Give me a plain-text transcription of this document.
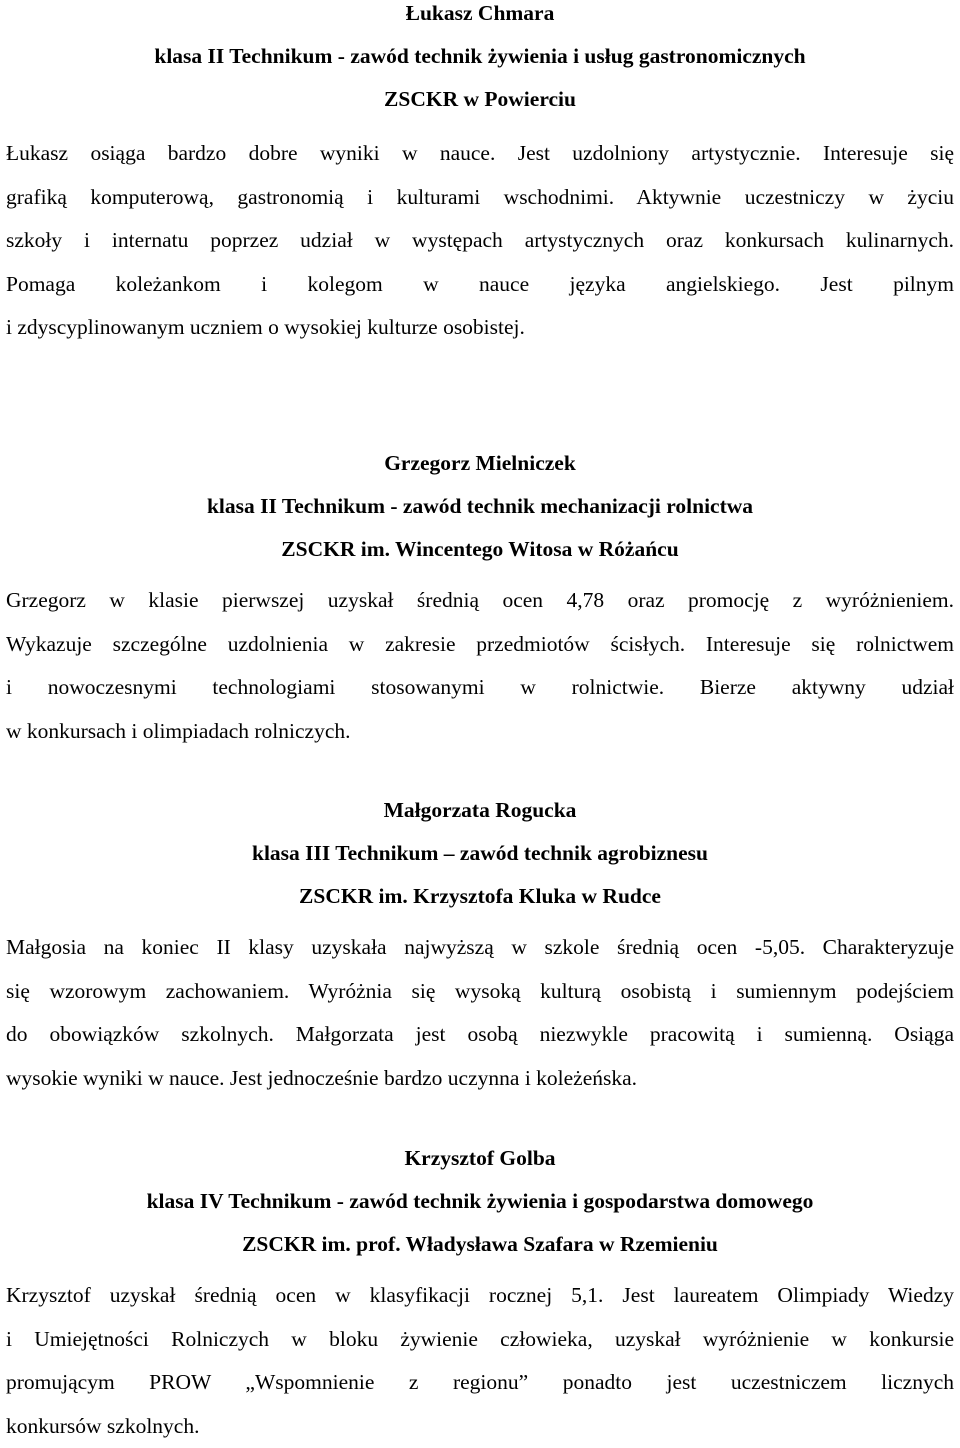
Łukasz Chmara
klasa II Technikum - zawód technik żywienia i usług gastronomicznych
ZSCKR w Powierciu
Łukasz osiąga bardzo dobre wyniki w nauce. Jest uzdolniony artystycznie. Interesuje się
grafiką komputerową, gastronomią i kulturami wschodnimi. Aktywnie uczestniczy w życiu
szkoły i internatu poprzez udział w występach artystycznych oraz konkursach kulinarnych.
Pomaga koleżankom i kolegom w nauce języka angielskiego. Jest pilnym
i zdyscyplinowanym uczniem o wysokiej kulturze osobistej.
Grzegorz Mielniczek
klasa II Technikum - zawód technik mechanizacji rolnictwa
ZSCKR im. Wincentego Witosa w Różańcu
Grzegorz w klasie pierwszej uzyskał średnią ocen 4,78 oraz promocję z wyróżnieniem.
Wykazuje szczególne uzdolnienia w zakresie przedmiotów ścisłych. Interesuje się rolnictwem
i nowoczesnymi technologiami stosowanymi w rolnictwie. Bierze aktywny udział
w konkursach i olimpiadach rolniczych.
Małgorzata Rogucka
klasa III Technikum – zawód technik agrobiznesu
ZSCKR im. Krzysztofa Kluka w Rudce
Małgosia na koniec II klasy uzyskała najwyższą w szkole średnią ocen -5,05. Charakteryzuje
się wzorowym zachowaniem. Wyróżnia się wysoką kulturą osobistą i sumiennym podejściem
do obowiązków szkolnych. Małgorzata jest osobą niezwykle pracowitą i sumienną. Osiąga
wysokie wyniki w nauce. Jest jednocześnie bardzo uczynna i koleżeńska.
Krzysztof Golba
klasa IV Technikum - zawód technik żywienia i gospodarstwa domowego
ZSCKR im. prof. Władysława Szafara w Rzemieniu
Krzysztof uzyskał średnią ocen w klasyfikacji rocznej 5,1. Jest laureatem Olimpiady Wiedzy
i Umiejętności Rolniczych w bloku żywienie człowieka, uzyskał wyróżnienie w konkursie
promującym PROW „Wspomnienie z regionu” ponadto jest uczestniczem licznych
konkursów szkolnych.
